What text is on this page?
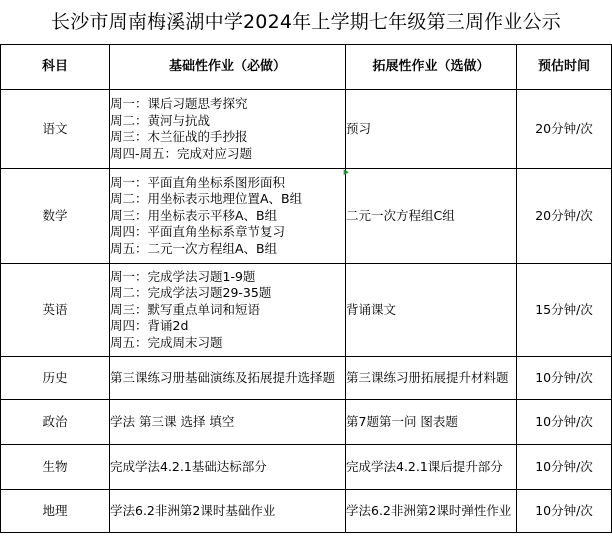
长沙市周南梅溪湖中学2024年上学期七年级第三周作业公示
科目	基础性作业（必做）	拓展性作业（选做）	预估时间
语文	周一：课后习题思考探究
周二：黄河与抗战
周三：木兰征战的手抄报
周四-周五：完成对应习题	预习	20分钟/次
数学	周一：平面直角坐标系图形面积
周二：用坐标表示地理位置A、B组
周三：用坐标表示平移A、B组
周四：平面直角坐标系章节复习
周五：二元一次方程组A、B组	二元一次方程组C组	20分钟/次
英语	周一：完成学法习题1-9题
周二：完成学法习题29-35题
周三：默写重点单词和短语
周四：背诵2d
周五：完成周末习题	背诵课文	15分钟/次
历史	第三课练习册基础演练及拓展提升选择题	第三课练习册拓展提升材料题	10分钟/次
政治	学法 第三课 选择 填空	第7题第一问 图表题	10分钟/次
生物	完成学法4.2.1基础达标部分	完成学法4.2.1课后提升部分	10分钟/次
地理	学法6.2非洲第2课时基础作业	学法6.2非洲第2课时弹性作业	10分钟/次
